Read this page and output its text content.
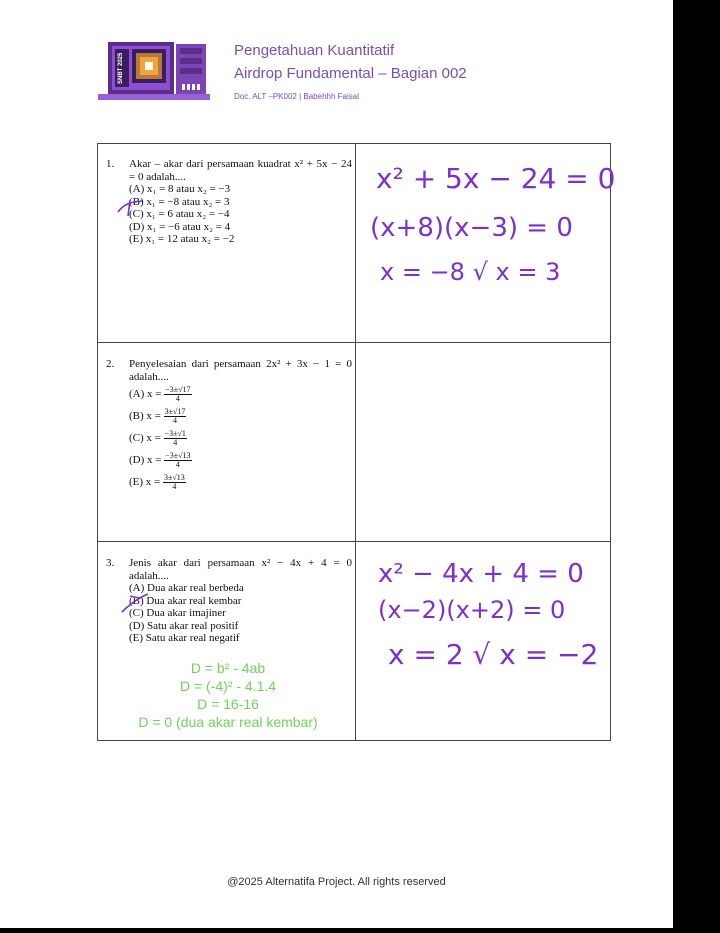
SNBT 2025
Pengetahuan Kuantitatif
Airdrop Fundamental – Bagian 002
Doc. ALT –PK002 | Babehhh Faisal
1. Akar – akar dari persamaan kuadrat x² + 5x − 24 = 0 adalah....
(A) x₁ = 8 atau x₂ = −3
(B) x₁ = −8 atau x₂ = 3
(C) x₁ = 6 atau x₂ = −4
(D) x₁ = −6 atau x₂ = 4
(E) x₁ = 12 atau x₂ = −2
2. Penyelesaian dari persamaan 2x² + 3x − 1 = 0 adalah....
(A) $x = \frac{-3\pm√17}{4}$
(B) $x = \frac{3\pm√17}{4}$
(C) $x = \frac{-3\pm√1}{4}$
(D) $x = \frac{-3\pm√13}{4}$
(E) $x = \frac{3\pm√13}{4}$
3. Jenis akar dari persamaan x² − 4x + 4 = 0 adalah....
(A) Dua akar real berbeda
(B) Dua akar real kembar
(C) Dua akar imajiner
(D) Satu akar real positif
(E) Satu akar real negatif
D = b² - 4ab
D = (-4)² - 4.1.4
D = 16-16
D = 0 (dua akar real kembar)
x² + 5x − 24 = 0
(x+8)(x−3) = 0
x = −8 √ x = 3
x² − 4x + 4 = 0
(x−2)(x+2) = 0
x = 2 √ x = −2
@2025 Alternatifa Project. All rights reserved
